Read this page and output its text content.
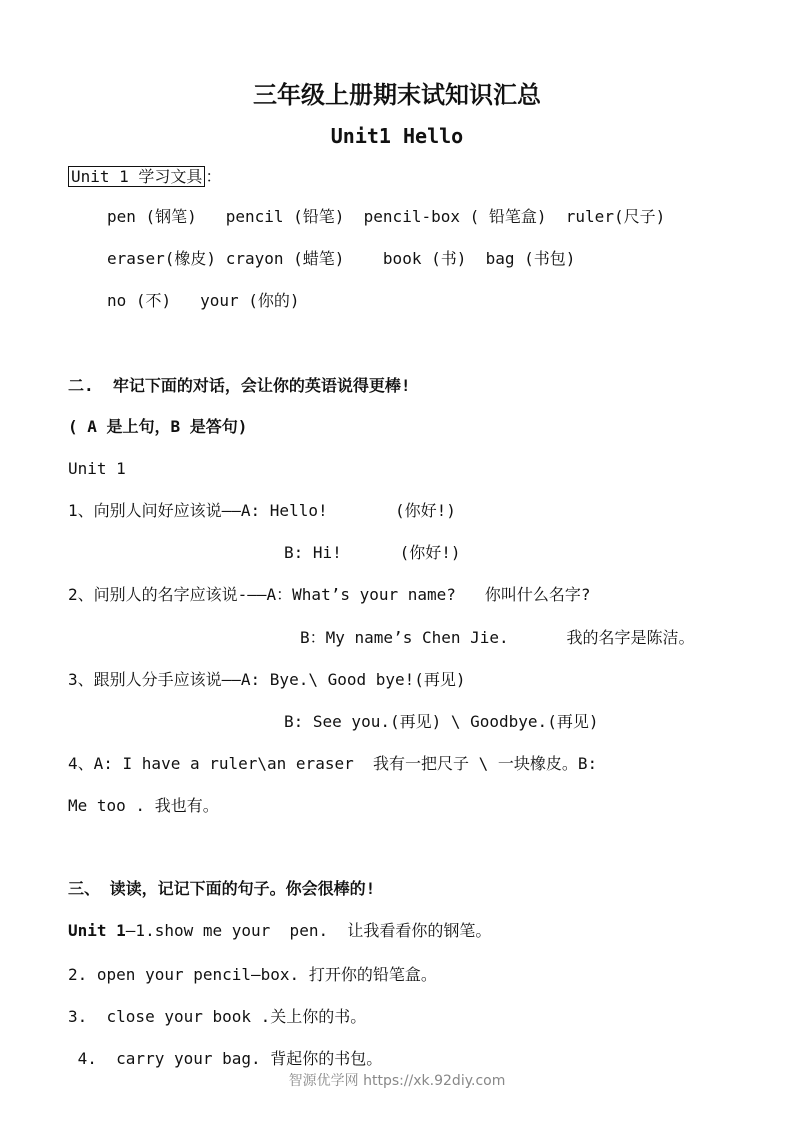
三年级上册期末试知识汇总
Unit1 Hello
Unit 1 学习文具 ：
pen (钢笔)   pencil (铅笔)  pencil-box ( 铅笔盒)  ruler(尺子)
eraser(橡皮) crayon (蜡笔)    book (书)  bag (书包)
no (不)   your (你的)
二.  牢记下面的对话，会让你的英语说得更棒!
( A 是上句，B 是答句)
Unit 1
1、向别人问好应该说——A: Hello!       (你好!)
B: Hi!      (你好!)
2、问别人的名字应该说-——A：What’s your name?   你叫什么名字?
B：My name’s Chen Jie.      我的名字是陈洁。
3、跟别人分手应该说——A: Bye.\ Good bye!(再见)
B: See you.(再见) \ Goodbye.(再见)
4、A: I have a ruler\an eraser  我有一把尺子 \ 一块橡皮。B:
Me too . 我也有。
三、 读读，记记下面的句子。你会很棒的!
Unit 1—1.show me your  pen.  让我看看你的钢笔。
2. open your pencil—box. 打开你的铅笔盒。
3.  close your book .关上你的书。
4.  carry your bag. 背起你的书包。
智源优学网 https://xk.92diy.com
